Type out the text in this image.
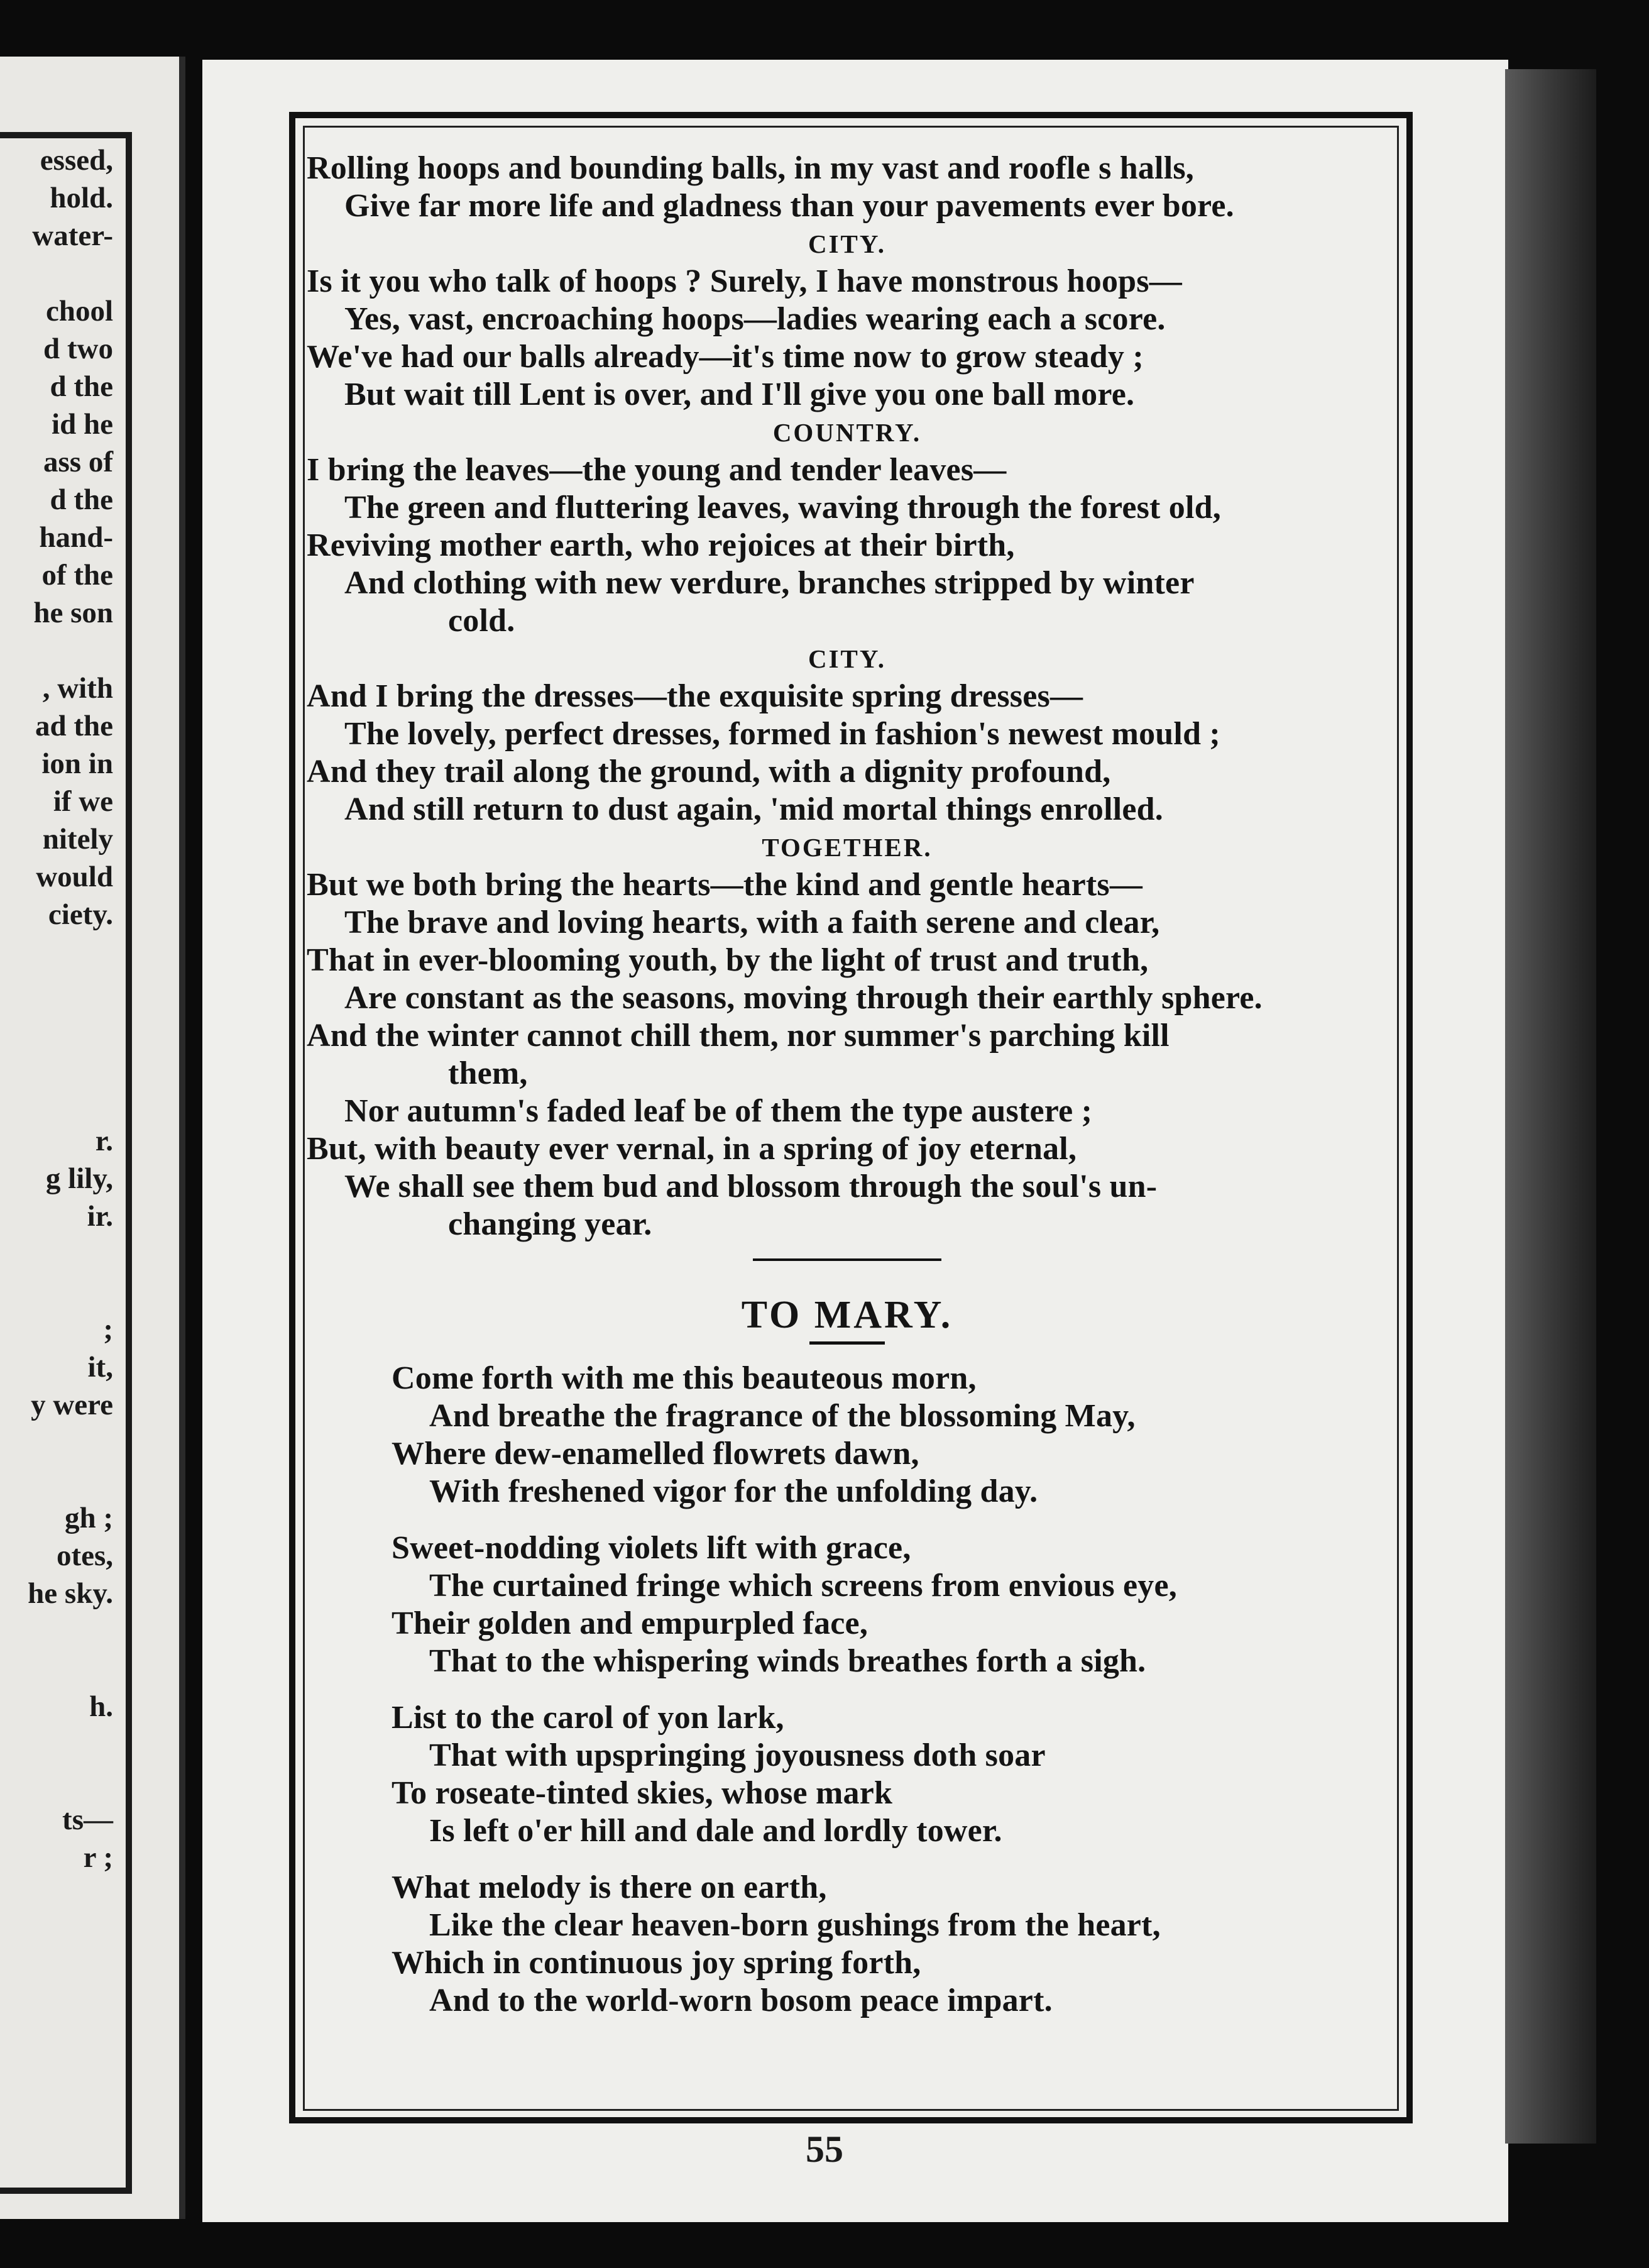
essed,
hold.
water-
chool
d two
d the
id he
ass of
d the
hand-
of the
he son
, with
ad the
ion in
if we
nitely
would
ciety.
r.
g lily,
ir.
;
it,
y were
gh ;
otes,
he sky.
h.
ts—
r ;
Rolling hoops and bounding balls, in my vast and roofle s halls,
Give far more life and gladness than your pavements ever bore.
CITY.
Is it you who talk of hoops ? Surely, I have monstrous hoops—
Yes, vast, encroaching hoops—ladies wearing each a score.
We've had our balls already—it's time now to grow steady ;
But wait till Lent is over, and I'll give you one ball more.
COUNTRY.
I bring the leaves—the young and tender leaves—
The green and fluttering leaves, waving through the forest old,
Reviving mother earth, who rejoices at their birth,
And clothing with new verdure, branches stripped by winter
cold.
CITY.
And I bring the dresses—the exquisite spring dresses—
The lovely, perfect dresses, formed in fashion's newest mould ;
And they trail along the ground, with a dignity profound,
And still return to dust again, 'mid mortal things enrolled.
TOGETHER.
But we both bring the hearts—the kind and gentle hearts—
The brave and loving hearts, with a faith serene and clear,
That in ever-blooming youth, by the light of trust and truth,
Are constant as the seasons, moving through their earthly sphere.
And the winter cannot chill them, nor summer's parching kill
them,
Nor autumn's faded leaf be of them the type austere ;
But, with beauty ever vernal, in a spring of joy eternal,
We shall see them bud and blossom through the soul's un-
changing year.
TO MARY.
Come forth with me this beauteous morn,
And breathe the fragrance of the blossoming May,
Where dew-enamelled flowrets dawn,
With freshened vigor for the unfolding day.
Sweet-nodding violets lift with grace,
The curtained fringe which screens from envious eye,
Their golden and empurpled face,
That to the whispering winds breathes forth a sigh.
List to the carol of yon lark,
That with upspringing joyousness doth soar
To roseate-tinted skies, whose mark
Is left o'er hill and dale and lordly tower.
What melody is there on earth,
Like the clear heaven-born gushings from the heart,
Which in continuous joy spring forth,
And to the world-worn bosom peace impart.
55
